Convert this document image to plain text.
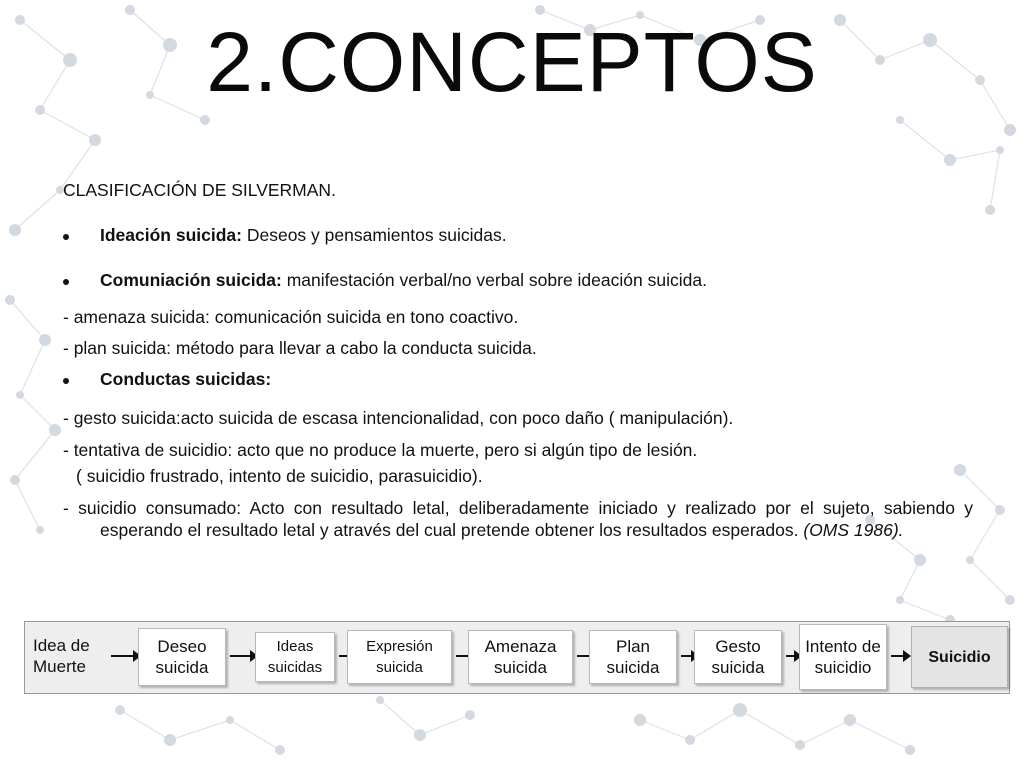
2.CONCEPTOS
CLASIFICACIÓN DE SILVERMAN.
Ideación suicida: Deseos y pensamientos suicidas.
Comuniación suicida: manifestación verbal/no verbal sobre ideación suicida.
- amenaza suicida: comunicación suicida en tono coactivo.
- plan suicida: método para llevar a cabo la conducta suicida.
Conductas suicidas:
- gesto suicida:acto suicida de escasa intencionalidad, con poco daño ( manipulación).
- tentativa de suicidio: acto que no produce la muerte, pero si algún tipo de lesión.
( suicidio frustrado, intento de suicidio, parasuicidio).
- suicidio consumado: Acto con resultado letal, deliberadamente iniciado y realizado por el sujeto, sabiendo y esperando el resultado letal y através del cual pretende obtener los resultados esperados. (OMS 1986).
Idea de Muerte
Deseo suicida
Ideas suicidas
Expresión suicida
Amenaza suicida
Plan suicida
Gesto suicida
Intento de suicidio
Suicidio
